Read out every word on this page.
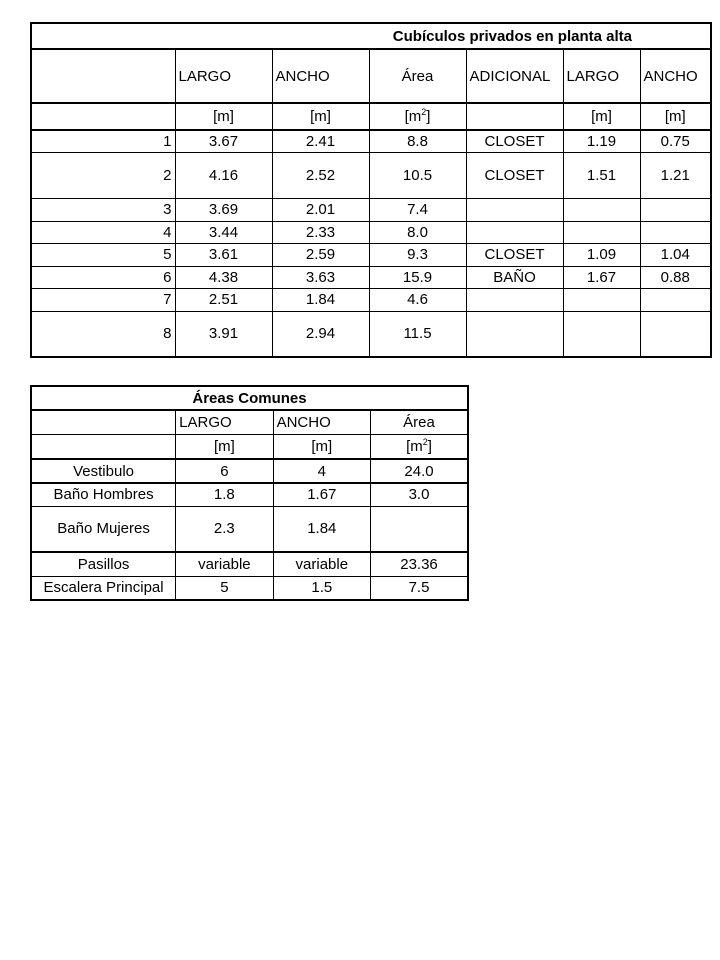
Cubículos privados en planta alta						
	LARGO	ANCHO	Área	ADICIONAL	LARGO	ANCHO
	[m]	[m]	$[m^2]$		[m]	[m]
1	3.67	2.41	8.8	CLOSET	1.19	0.75
2	4.16	2.52	10.5	CLOSET	1.51	1.21
3	3.69	2.01	7.4			
4	3.44	2.33	8.0			
5	3.61	2.59	9.3	CLOSET	1.09	1.04
6	4.38	3.63	15.9	BAÑO	1.67	0.88
7	2.51	1.84	4.6			
8	3.91	2.94	11.5			
Áreas Comunes			
	LARGO	ANCHO	Área
	[m]	[m]	$[m^2]$
Vestibulo	6	4	24.0
Baño Hombres	1.8	1.67	3.0
Baño Mujeres	2.3	1.84	
Pasillos	variable	variable	23.36
Escalera Principal	5	1.5	7.5
